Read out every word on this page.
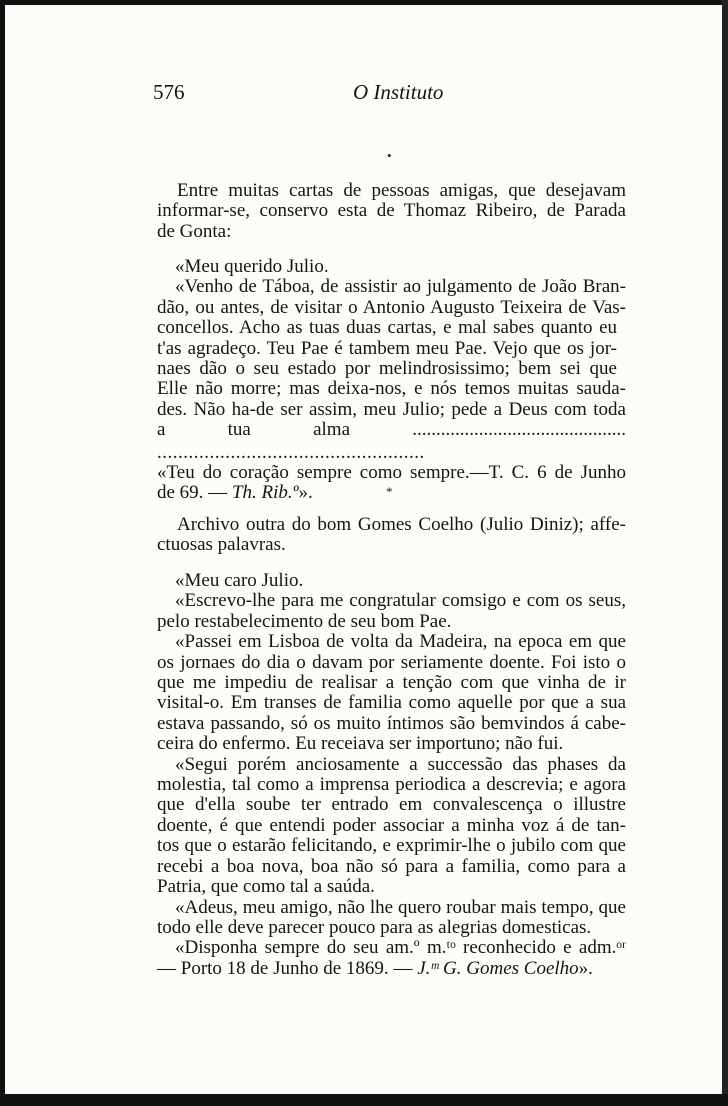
576	O Instituto
•
Entre muitas cartas de pessoas amigas, que desejavam
informar-se, conservo esta de Thomaz Ribeiro, de Parada
de Gonta:
«Meu querido Julio.
«Venho de Táboa, de assistir ao julgamento de João Bran-
dão, ou antes, de visitar o Antonio Augusto Teixeira de Vas-
concellos. Acho as tuas duas cartas, e mal sabes quanto eu
t'as agradeço. Teu Pae é tambem meu Pae. Vejo que os jor-
naes dão o seu estado por melindrosissimo; bem sei que
Elle não morre; mas deixa-nos, e nós temos muitas sauda-
des. Não ha-de ser assim, meu Julio; pede a Deus com toda
a tua alma .............................................
...................................................
«Teu do coração sempre como sempre.—T. C. 6 de Junho
de 69. — Th. Rib.º».	*
Archivo outra do bom Gomes Coelho (Julio Diniz); affe-
ctuosas palavras.
«Meu caro Julio.
«Escrevo-lhe para me congratular comsigo e com os seus,
pelo restabelecimento de seu bom Pae.
«Passei em Lisboa de volta da Madeira, na epoca em que
os jornaes do dia o davam por seriamente doente. Foi isto o
que me impediu de realisar a tenção com que vinha de ir
visital-o. Em transes de familia como aquelle por que a sua
estava passando, só os muito íntimos são bemvindos á cabe-
ceira do enfermo. Eu receiava ser importuno; não fui.
«Segui porém anciosamente a successão das phases da
molestia, tal como a imprensa periodica a descrevia; e agora
que d'ella soube ter entrado em convalescença o illustre
doente, é que entendi poder associar a minha voz á de tan-
tos que o estarão felicitando, e exprimir-lhe o jubilo com que
recebi a boa nova, boa não só para a familia, como para a
Patria, que como tal a saúda.
«Adeus, meu amigo, não lhe quero roubar mais tempo, que
todo elle deve parecer pouco para as alegrias domesticas.
«Disponha sempre do seu am.º m.ᵗᵒ reconhecido e adm.ᵒʳ
— Porto 18 de Junho de 1869. — J.ᵐ G. Gomes Coelho».
